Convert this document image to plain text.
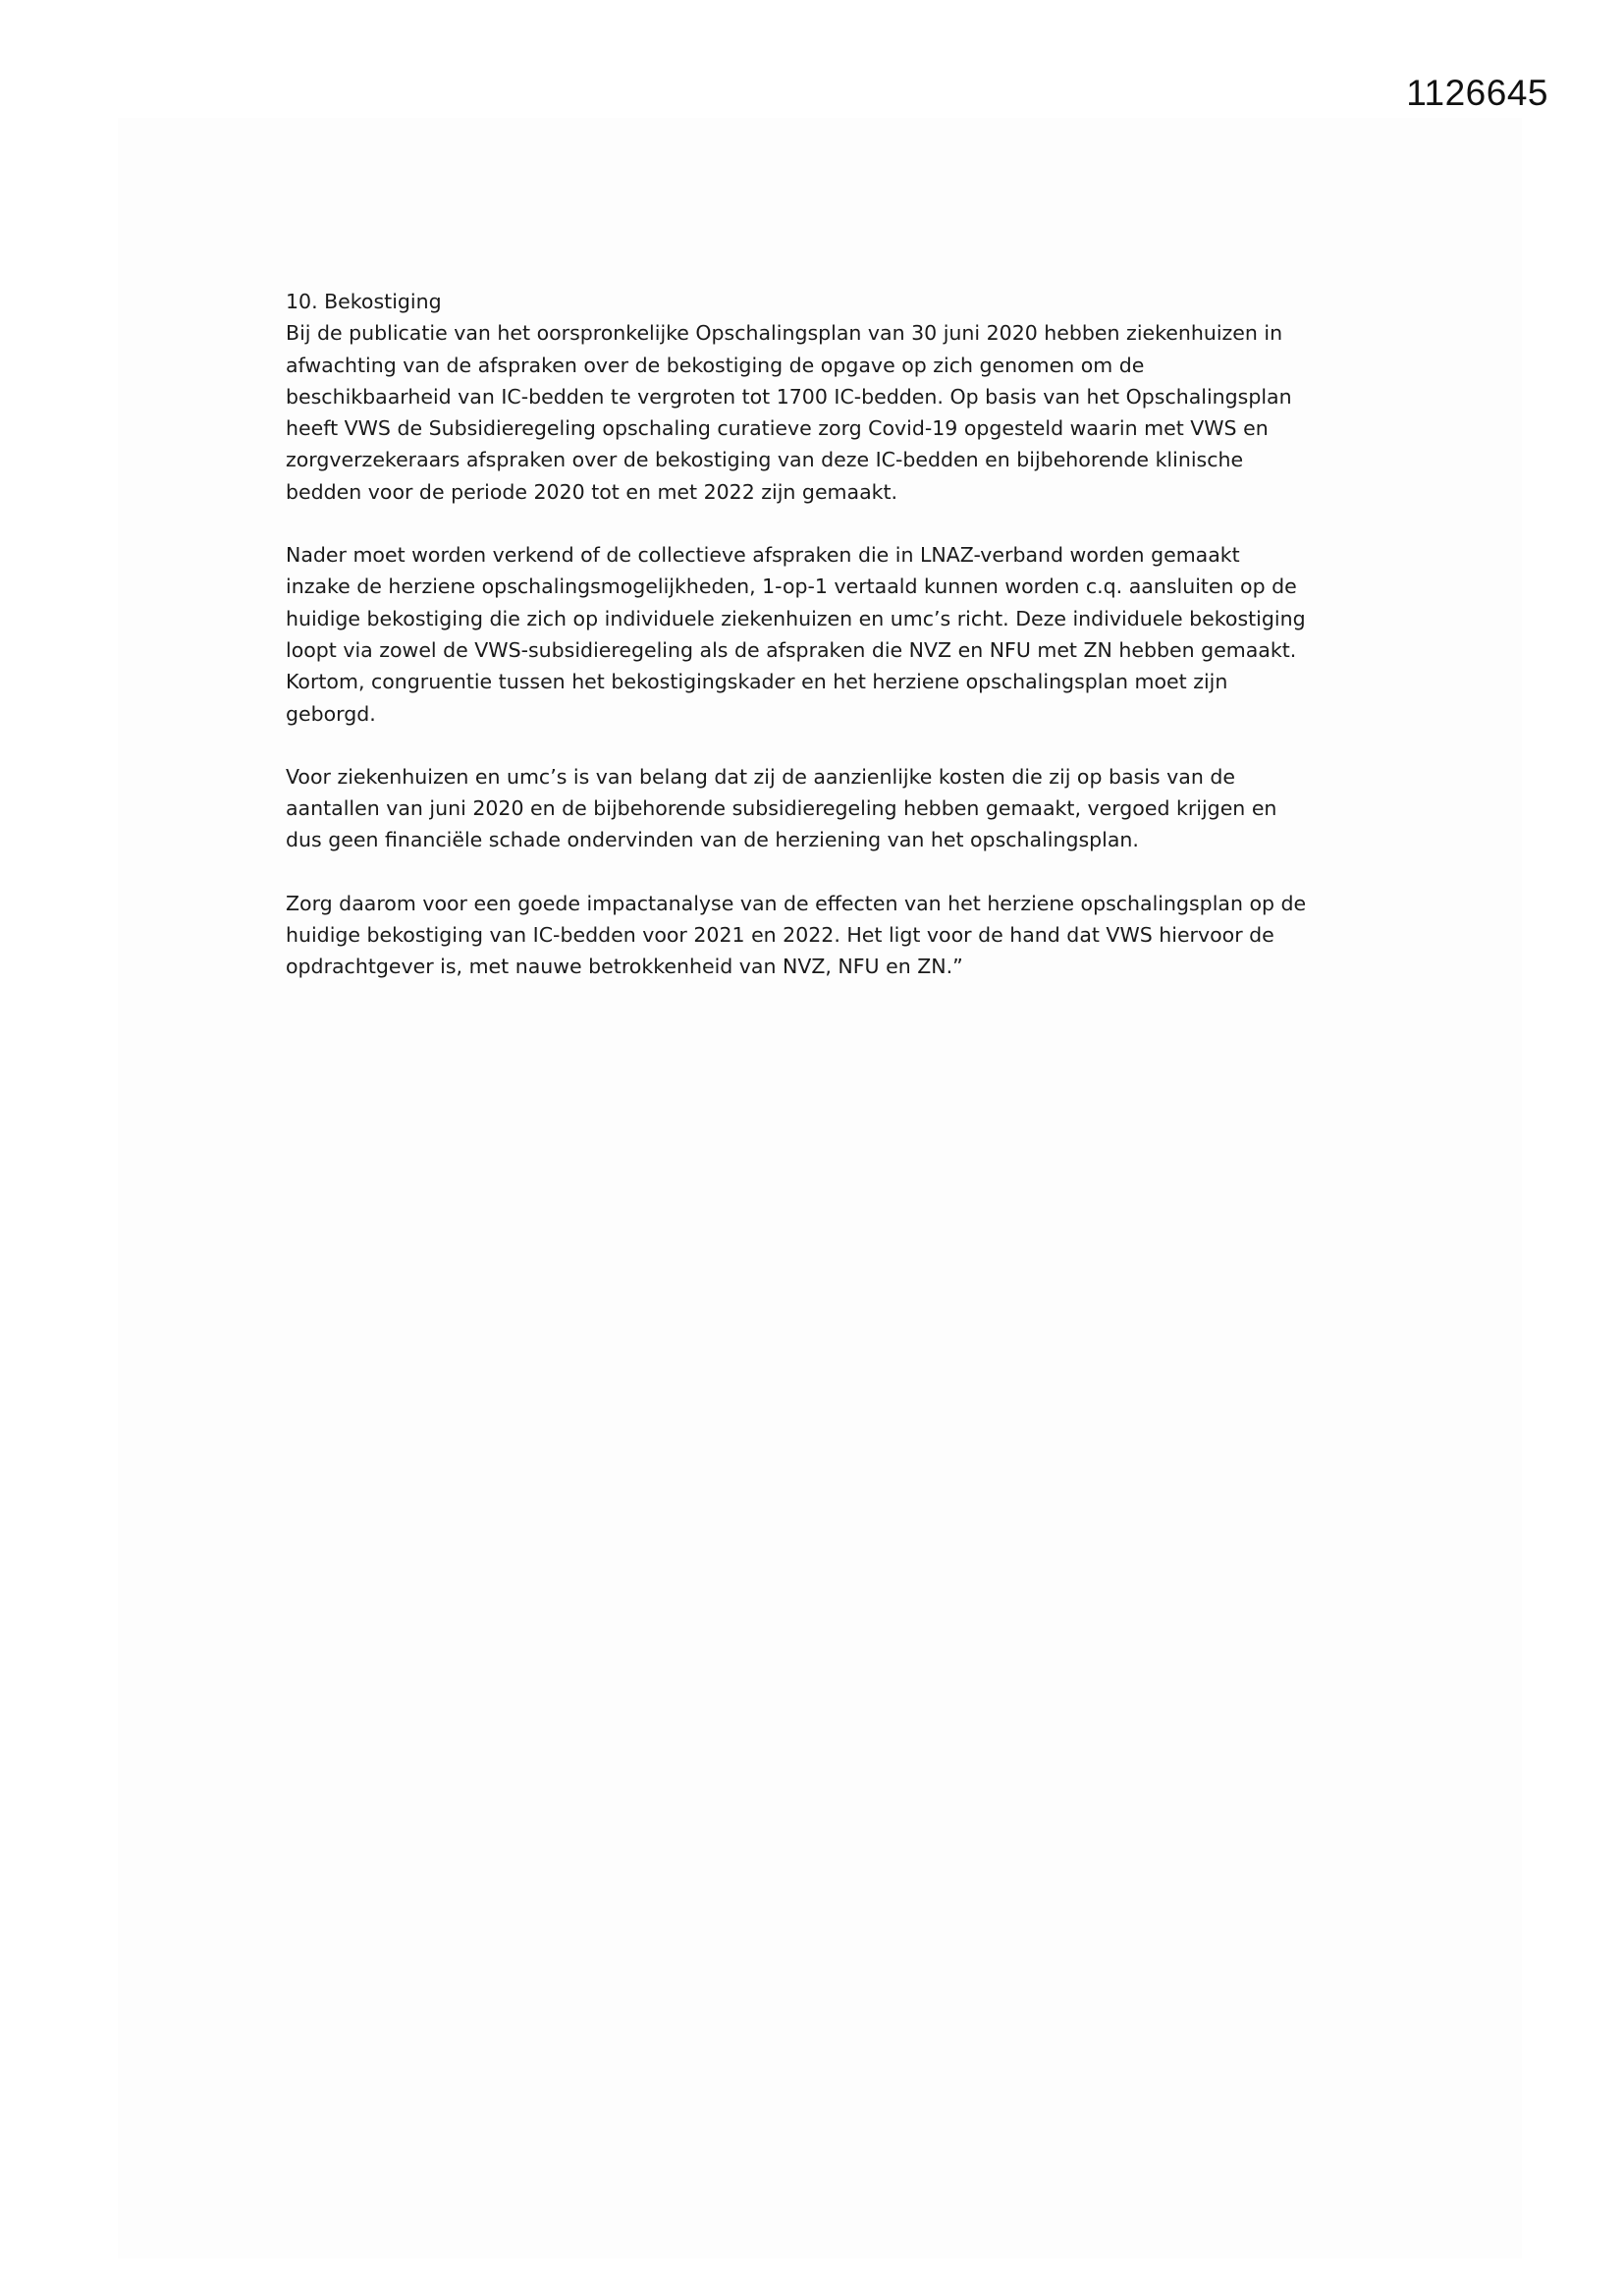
1126645
10. Bekostiging

Bij de publicatie van het oorspronkelijke Opschalingsplan van 30 juni 2020 hebben ziekenhuizen in
afwachting van de afspraken over de bekostiging de opgave op zich genomen om de
beschikbaarheid van IC-bedden te vergroten tot 1700 IC-bedden. Op basis van het Opschalingsplan
heeft VWS de Subsidieregeling opschaling curatieve zorg Covid-19 opgesteld waarin met VWS en
zorgverzekeraars afspraken over de bekostiging van deze IC-bedden en bijbehorende klinische
bedden voor de periode 2020 tot en met 2022 zijn gemaakt.

Nader moet worden verkend of de collectieve afspraken die in LNAZ-verband worden gemaakt
inzake de herziene opschalingsmogelijkheden, 1-op-1 vertaald kunnen worden c.q. aansluiten op de
huidige bekostiging die zich op individuele ziekenhuizen en umc’s richt. Deze individuele bekostiging
loopt via zowel de VWS-subsidieregeling als de afspraken die NVZ en NFU met ZN hebben gemaakt.
Kortom, congruentie tussen het bekostigingskader en het herziene opschalingsplan moet zijn
geborgd.

Voor ziekenhuizen en umc’s is van belang dat zij de aanzienlijke kosten die zij op basis van de
aantallen van juni 2020 en de bijbehorende subsidieregeling hebben gemaakt, vergoed krijgen en
dus geen financiële schade ondervinden van de herziening van het opschalingsplan.

Zorg daarom voor een goede impactanalyse van de effecten van het herziene opschalingsplan op de
huidige bekostiging van IC-bedden voor 2021 en 2022. Het ligt voor de hand dat VWS hiervoor de
opdrachtgever is, met nauwe betrokkenheid van NVZ, NFU en ZN.”
